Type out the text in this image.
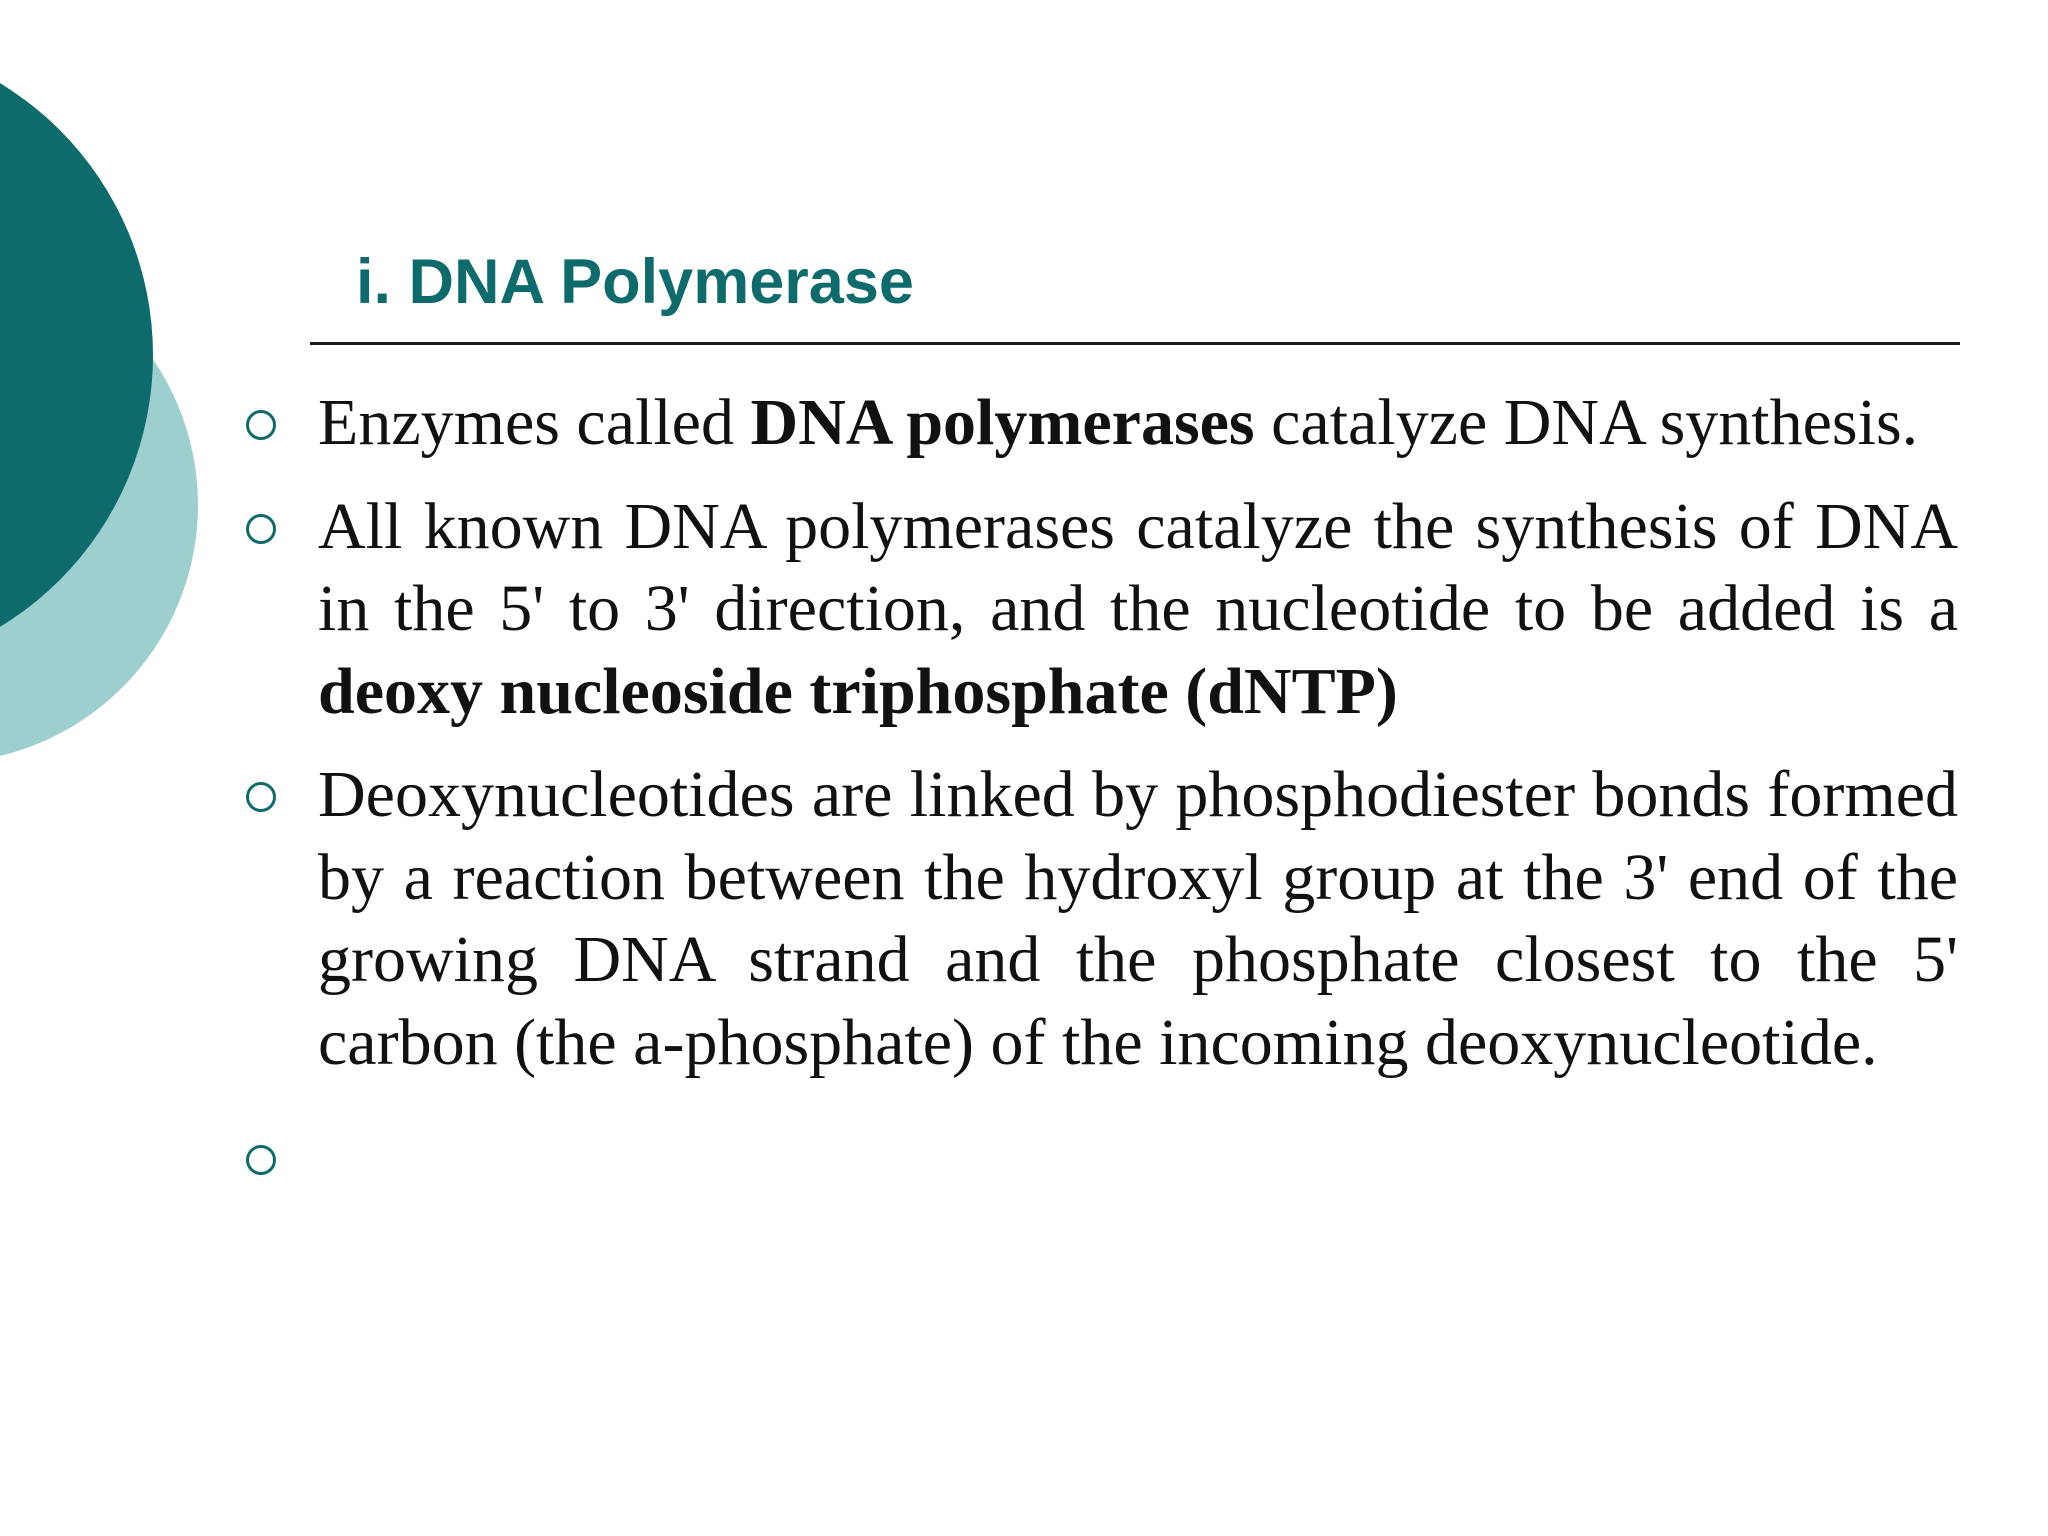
i. DNA Polymerase
Enzymes called DNA polymerases catalyze DNA synthesis.
All known DNA polymerases catalyze the synthesis of DNA in the 5' to 3' direction, and the nucleotide to be added is a deoxy nucleoside triphosphate (dNTP)
Deoxynucleotides are linked by phosphodiester bonds formed by a reaction between the hydroxyl group at the 3' end of the growing DNA strand and the phosphate closest to the 5' carbon (the a-phosphate) of the incoming deoxynucleotide.
